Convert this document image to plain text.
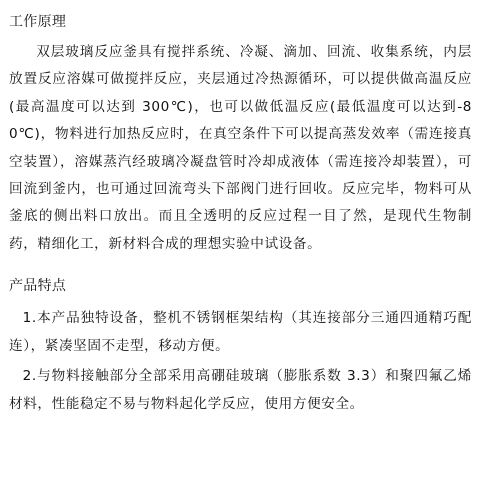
工作原理

双层玻璃反应釜具有搅拌系统、冷凝、滴加、回流、收集系统，内层放置反应溶媒可做搅拌反应，夹层通过冷热源循环，可以提供做高温反应(最高温度可以达到 300℃)，也可以做低温反应(最低温度可以达到-80℃)，物料进行加热反应时，在真空条件下可以提高蒸发效率（需连接真空装置），溶媒蒸汽经玻璃冷凝盘管时冷却成液体（需连接冷却装置），可回流到釜内，也可通过回流弯头下部阀门进行回收。反应完毕，物料可从釜底的侧出料口放出。而且全透明的反应过程一目了然，是现代生物制药，精细化工，新材料合成的理想实验中试设备。

产品特点

1.本产品独特设备，整机不锈钢框架结构（其连接部分三通四通精巧配连），紧凑坚固不走型，移动方便。

2.与物料接触部分全部采用高硼硅玻璃（膨胀系数 3.3）和聚四氟乙烯材料，性能稳定不易与物料起化学反应，使用方便安全。
